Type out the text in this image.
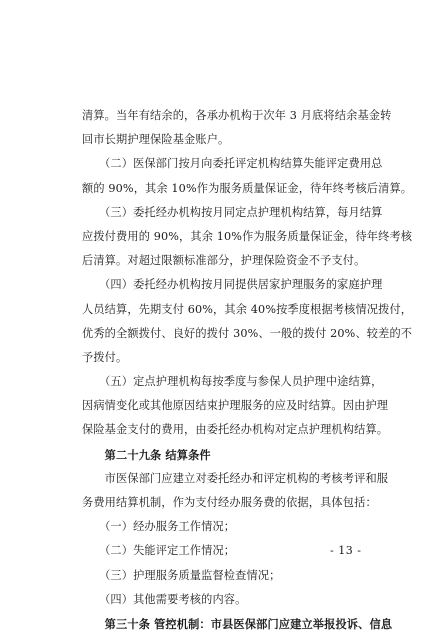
清算。当年有结余的，各承办机构于次年 3 月底将结余基金转
回市长期护理保险基金账户。
　　（二）医保部门按月向委托评定机构结算失能评定费用总
额的 90%，其余 10%作为服务质量保证金，待年终考核后清算。
　　（三）委托经办机构按月同定点护理机构结算，每月结算
应拨付费用的 90%，其余 10%作为服务质量保证金，待年终考核
后清算。对超过限额标准部分，护理保险资金不予支付。
　　（四）委托经办机构按月同提供居家护理服务的家庭护理
人员结算，先期支付 60%，其余 40%按季度根据考核情况拨付，
优秀的全额拨付、良好的拨付 30%、一般的拨付 20%、较差的不
予拨付。
　　（五）定点护理机构每按季度与参保人员护理中途结算，
因病情变化或其他原因结束护理服务的应及时结算。因由护理
保险基金支付的费用，由委托经办机构对定点护理机构结算。
　　第二十九条 结算条件
　　市医保部门应建立对委托经办和评定机构的考核考评和服
务费用结算机制，作为支付经办服务费的依据，具体包括：
　　（一）经办服务工作情况；
　　（二）失能评定工作情况；
　　（三）护理服务质量监督检查情况；
　　（四）其他需要考核的内容。
　　第三十条 管控机制：市县医保部门应建立举报投诉、信息
- 13 -
